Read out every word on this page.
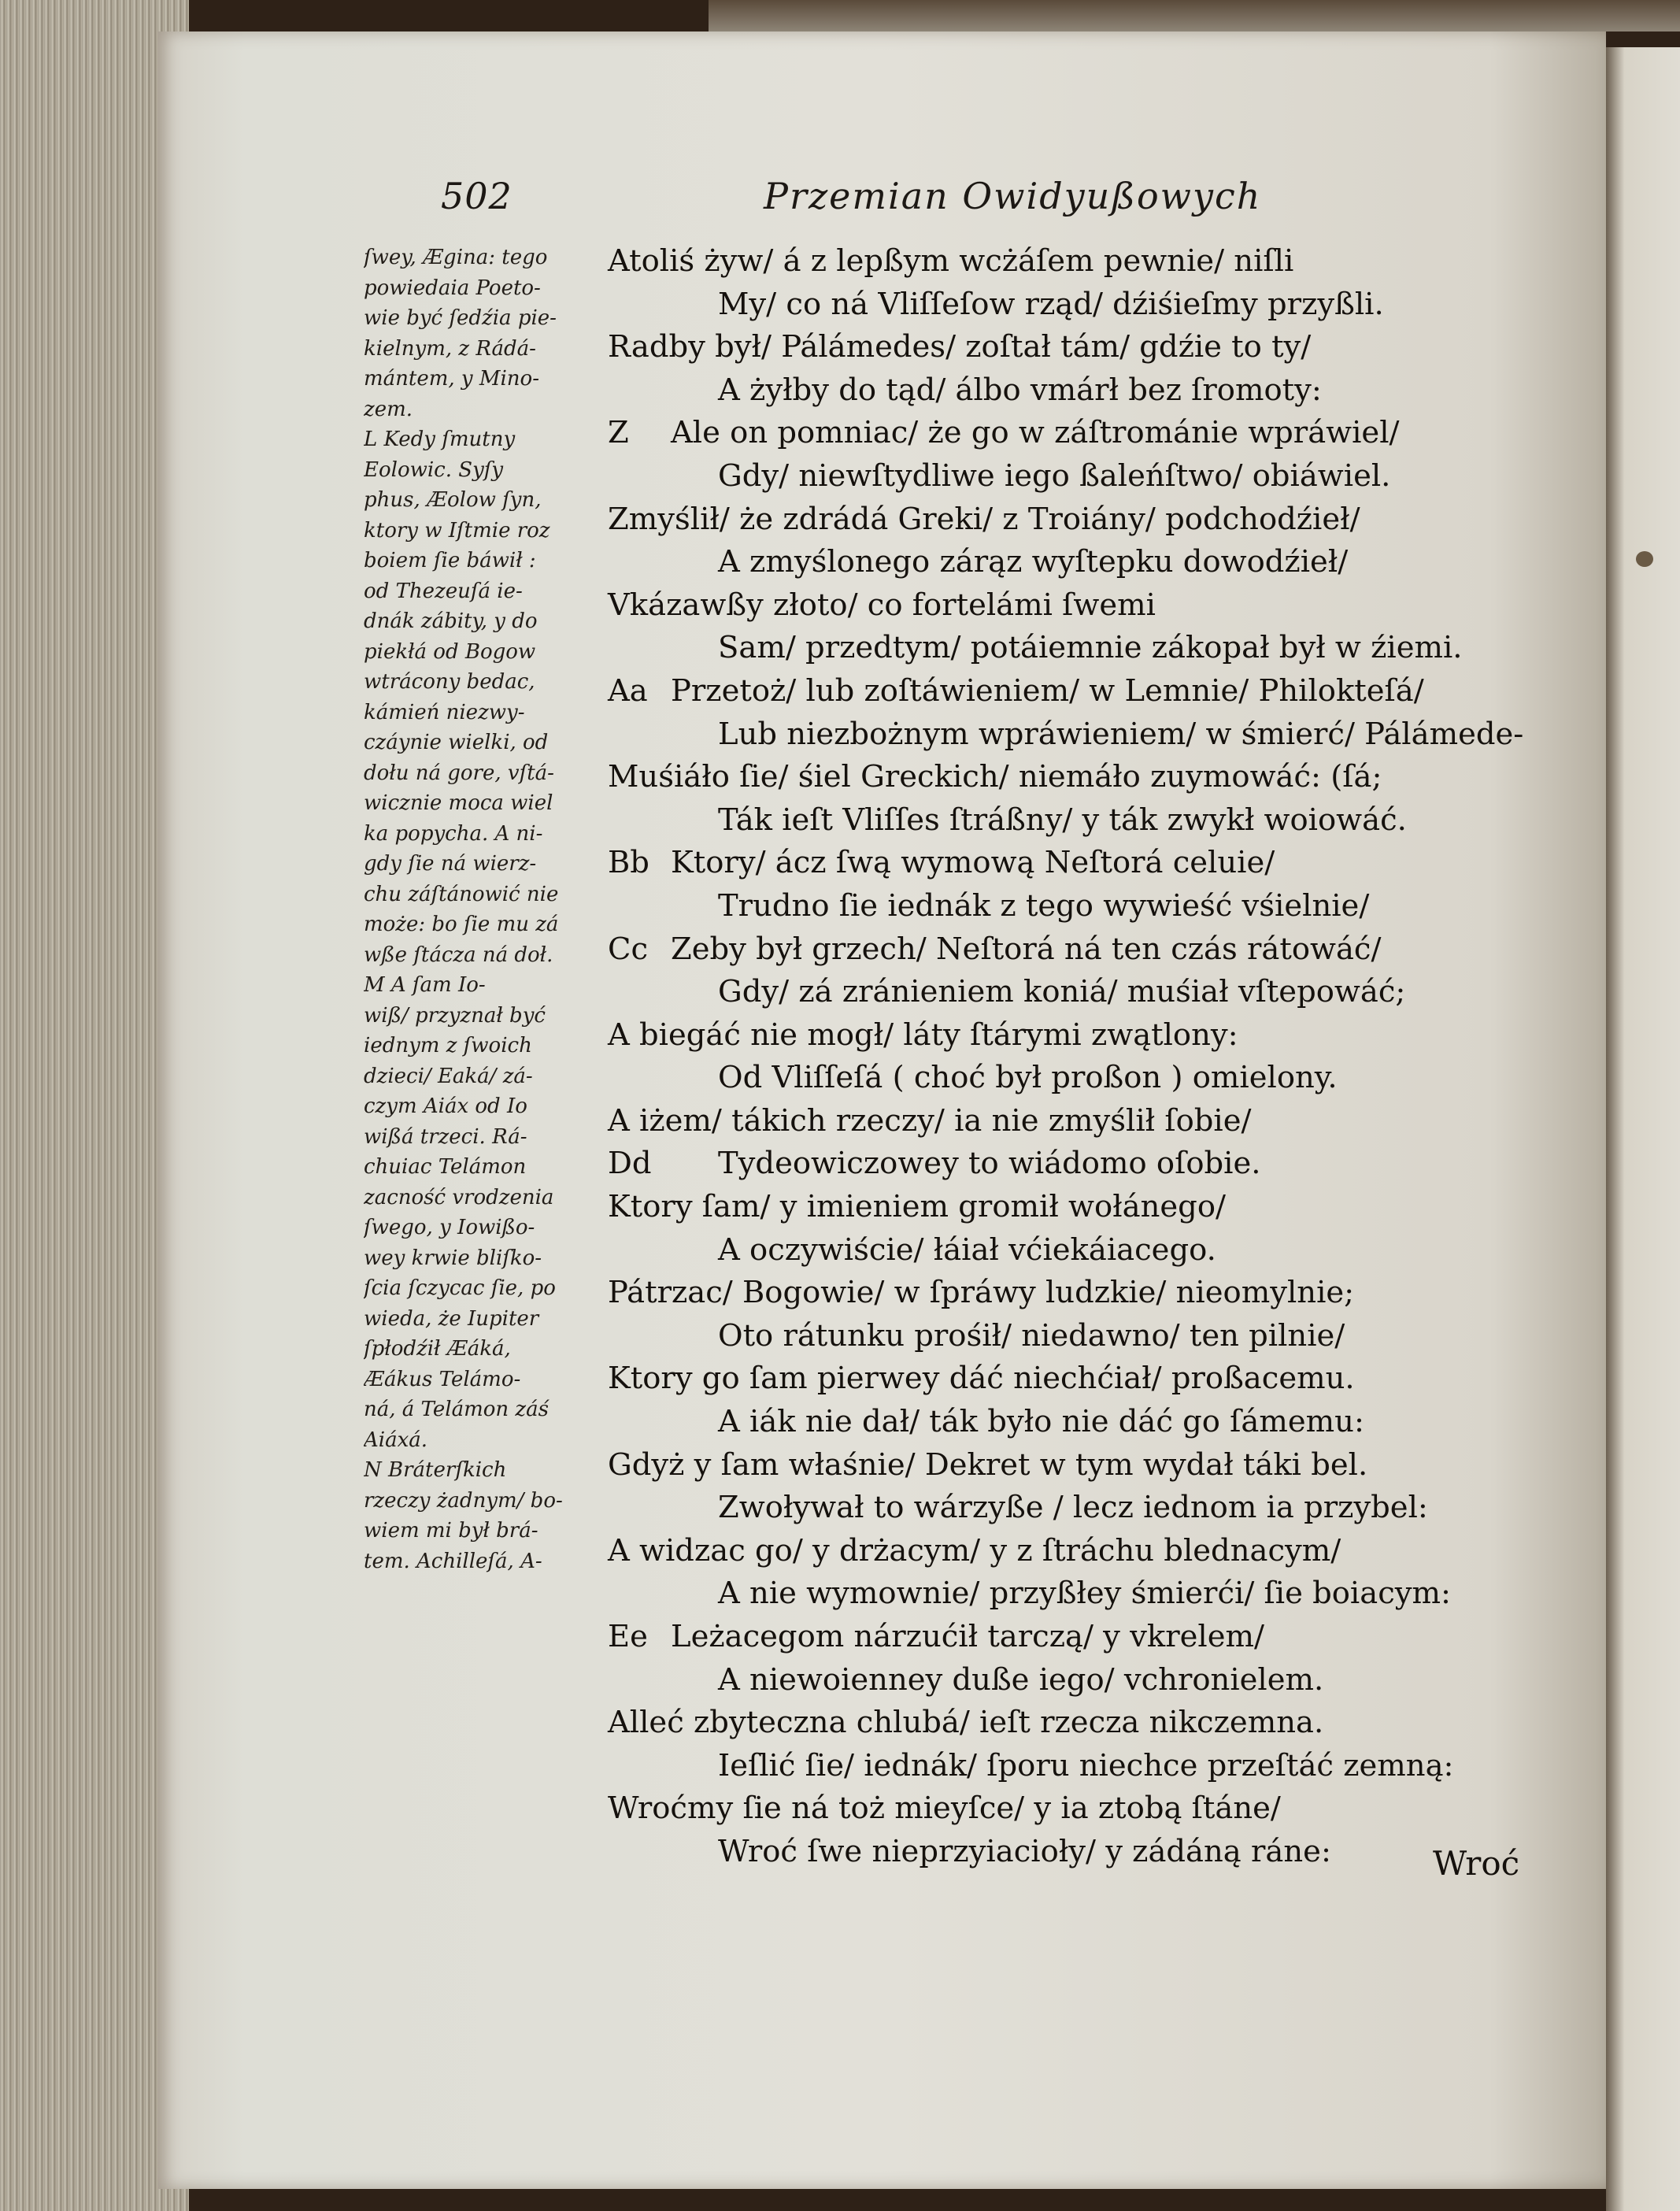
502	Przemian Owidyußowych
ſwey, Ægina: tego
powiedaia Poeto-
wie być ſedźia pie-
kielnym, z Rádá-
mántem, y Mino-
zem.
L Kedy ſmutny
Eolowic. Syſy
phus, Æolow ſyn,
ktory w Iſtmie roz
boiem ſie báwił :
od Thezeuſá ie-
dnák zábity, y do
piekłá od Bogow
wtrácony bedac,
kámień niezwy-
czáynie wielki, od
dołu ná gore, vſtá-
wicznie moca wiel
ka popycha. A ni-
gdy ſie ná wierz-
chu záſtánowić nie
może: bo ſie mu zá
wße ſtácza ná doł.
M A ſam Io-
wiß/ przyznał być
iednym z ſwoich
dzieci/ Eaká/ zá-
czym Aiáx od Io
wißá trzeci. Rá-
chuiac Telámon
zacność vrodzenia
ſwego, y Iowißo-
wey krwie bliſko-
ſcia ſczycac ſie, po
wieda, że Iupiter
ſpłodźił Æáká,
Æákus Telámo-
ná, á Telámon záś
Aiáxá.
N Bráterſkich
rzeczy żadnym/ bo-
wiem mi był brá-
tem. Achilleſá, A-
Atoliś żyw/ á z lepßym wcżáſem pewnie/ niſli
My/ co ná Vliſſeſow rząd/ dźiśieſmy przyßli.
Radby był/ Pálámedes/ zoſtał tám/ gdźie to ty/
A żyłby do tąd/ álbo vmárł bez ſromoty:
Z Ale on pomniac/ że go w záſtrománie wpráwiel/
Gdy/ niewſtydliwe iego ßaleńſtwo/ obiáwiel.
Zmyślił/ że zdrádá Greki/ z Troiány/ podchodźieł/
A zmyślonego zárąz wyſtepku dowodźieł/
Vkázawßy złoto/ co fortelámi ſwemi
Sam/ przedtym/ potáiemnie zákopał był w źiemi.
Aa Przetoż/ lub zoſtáwieniem/ w Lemnie/ Philokteſá/
Lub niezbożnym wpráwieniem/ w śmierć/ Pálámede-
Muśiáło ſie/ śiel Greckich/ niemáło zuymowáć: (ſá;
Ták ieſt Vliſſes ſtráßny/ y ták zwykł woiowáć.
Bb Ktory/ ácz ſwą wymową Neſtorá celuie/
Trudno ſie iednák z tego wywieść vśielnie/
Cc Zeby był grzech/ Neſtorá ná ten czás rátowáć/
Gdy/ zá zránieniem koniá/ muśiał vſtepowáć;
A biegáć nie mogł/ láty ſtárymi zwątlony:
Od Vliſſeſá ( choć był proßon ) omielony.
A iżem/ tákich rzeczy/ ia nie zmyślił ſobie/
Dd Tydeowiczowey to wiádomo oſobie.
Ktory ſam/ y imieniem gromił wołánego/
A oczywiście/ łáiał vćiekáiacego.
Pátrzac/ Bogowie/ w ſpráwy ludzkie/ nieomylnie;
Oto rátunku prośił/ niedawno/ ten pilnie/
Ktory go ſam pierwey dáć niechćiał/ proßacemu.
A iák nie dał/ ták było nie dáć go ſámemu:
Gdyż y ſam właśnie/ Dekret w tym wydał táki bel.
Zwoływał to wárzyße / lecz iednom ia przybel:
A widzac go/ y drżacym/ y z ſtráchu blednacym/
A nie wymownie/ przyßłey śmierći/ ſie boiacym:
Ee Leżacegom nárzućił tarczą/ y vkrelem/
A niewoienney duße iego/ vchronielem.
Alleć zbyteczna chlubá/ ieſt rzecza nikczemna.
Ieſlić ſie/ iednák/ ſporu niechce przeſtáć zemną:
Wroćmy ſie ná toż mieyſce/ y ia ztobą ſtáne/
Wroć ſwe nieprzyiacioły/ y zádáną ráne:	Wroć
